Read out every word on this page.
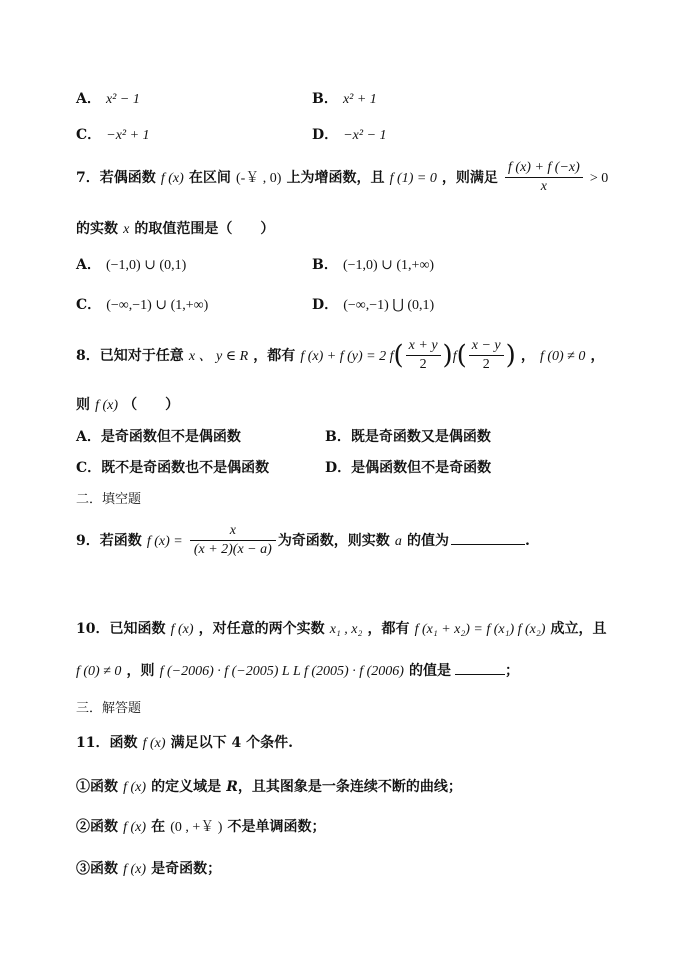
A． x² − 1	B． x² + 1
C． −x² + 1	D． −x² − 1
7．若偶函数 f (x) 在区间 (-￥ , 0) 上为增函数，且 f (1) = 0 ，则满足 $\frac{f (x) + f (-x)}{x} > 0$
的实数 x 的取值范围是（　　）
A． (−1,0) ∪ (0,1)	B． (−1,0) ∪ (1,+∞)
C． (−∞,−1) ∪ (1,+∞)	D． (−∞,−1) ⋃ (0,1)
8．已知对于任意 x 、 y ∈ R ，都有 f (x) + f (y) = 2 $f( \frac{x + y}{2} )f( \frac{x - y}{2}$ ) ， f (0) ≠ 0 ，
则 f (x) （　　）
A．是奇函数但不是偶函数	B．既是奇函数又是偶函数
C．既不是奇函数也不是偶函数	D．是偶函数但不是奇函数
二．填空题
9．若函数 f $(x) = \frac{x}{(x + 2)(x - a)}$ 为奇函数，则实数 a 的值为	.
10．已知函数 f (x) ，对任意的两个实数 x₁ , x₂ ，都有 f (x₁ + x₂) = f (x₁) f (x₂) 成立，且
f (0) ≠ 0 ，则 f (−2006) · f (−2005) L L f (2005) · f (2006) 的值是	；
三．解答题
11．函数 f (x) 满足以下 4 个条件.
①函数 f (x) 的定义域是 R，且其图象是一条连续不断的曲线；
②函数 f (x) 在 (0 , +￥ ) 不是单调函数；
③函数 f (x) 是奇函数；
